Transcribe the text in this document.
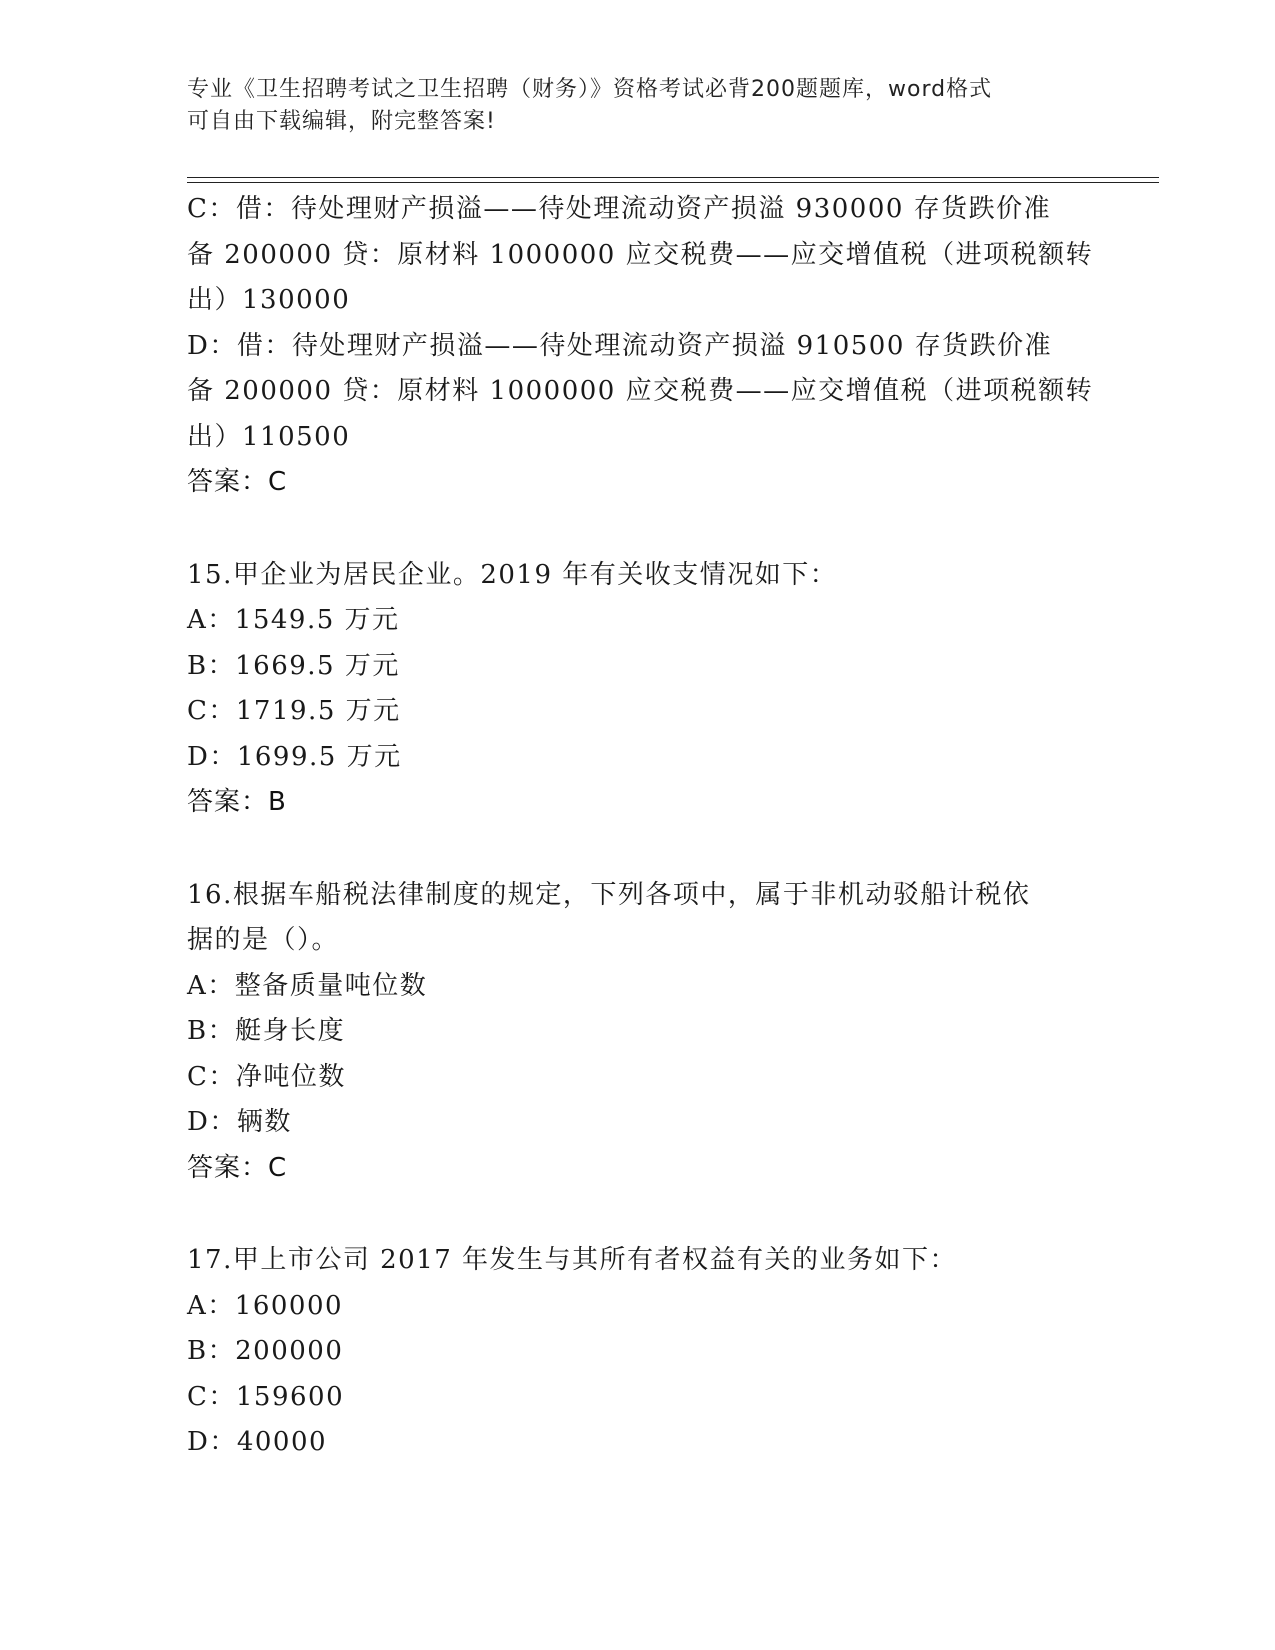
专业《卫生招聘考试之卫生招聘（财务）》资格考试必背200题题库，word格式
可自由下载编辑，附完整答案!
C：借：待处理财产损溢——待处理流动资产损溢 930000 存货跌价准
备 200000 贷：原材料 1000000 应交税费——应交增值税（进项税额转
出）130000
D：借：待处理财产损溢——待处理流动资产损溢 910500 存货跌价准
备 200000 贷：原材料 1000000 应交税费——应交增值税（进项税额转
出）110500
答案：C
15.甲企业为居民企业。2019 年有关收支情况如下：
A：1549.5 万元
B：1669.5 万元
C：1719.5 万元
D：1699.5 万元
答案：B
16.根据车船税法律制度的规定，下列各项中，属于非机动驳船计税依
据的是（）。
A：整备质量吨位数
B：艇身长度
C：净吨位数
D：辆数
答案：C
17.甲上市公司 2017 年发生与其所有者权益有关的业务如下：
A：160000
B：200000
C：159600
D：40000
